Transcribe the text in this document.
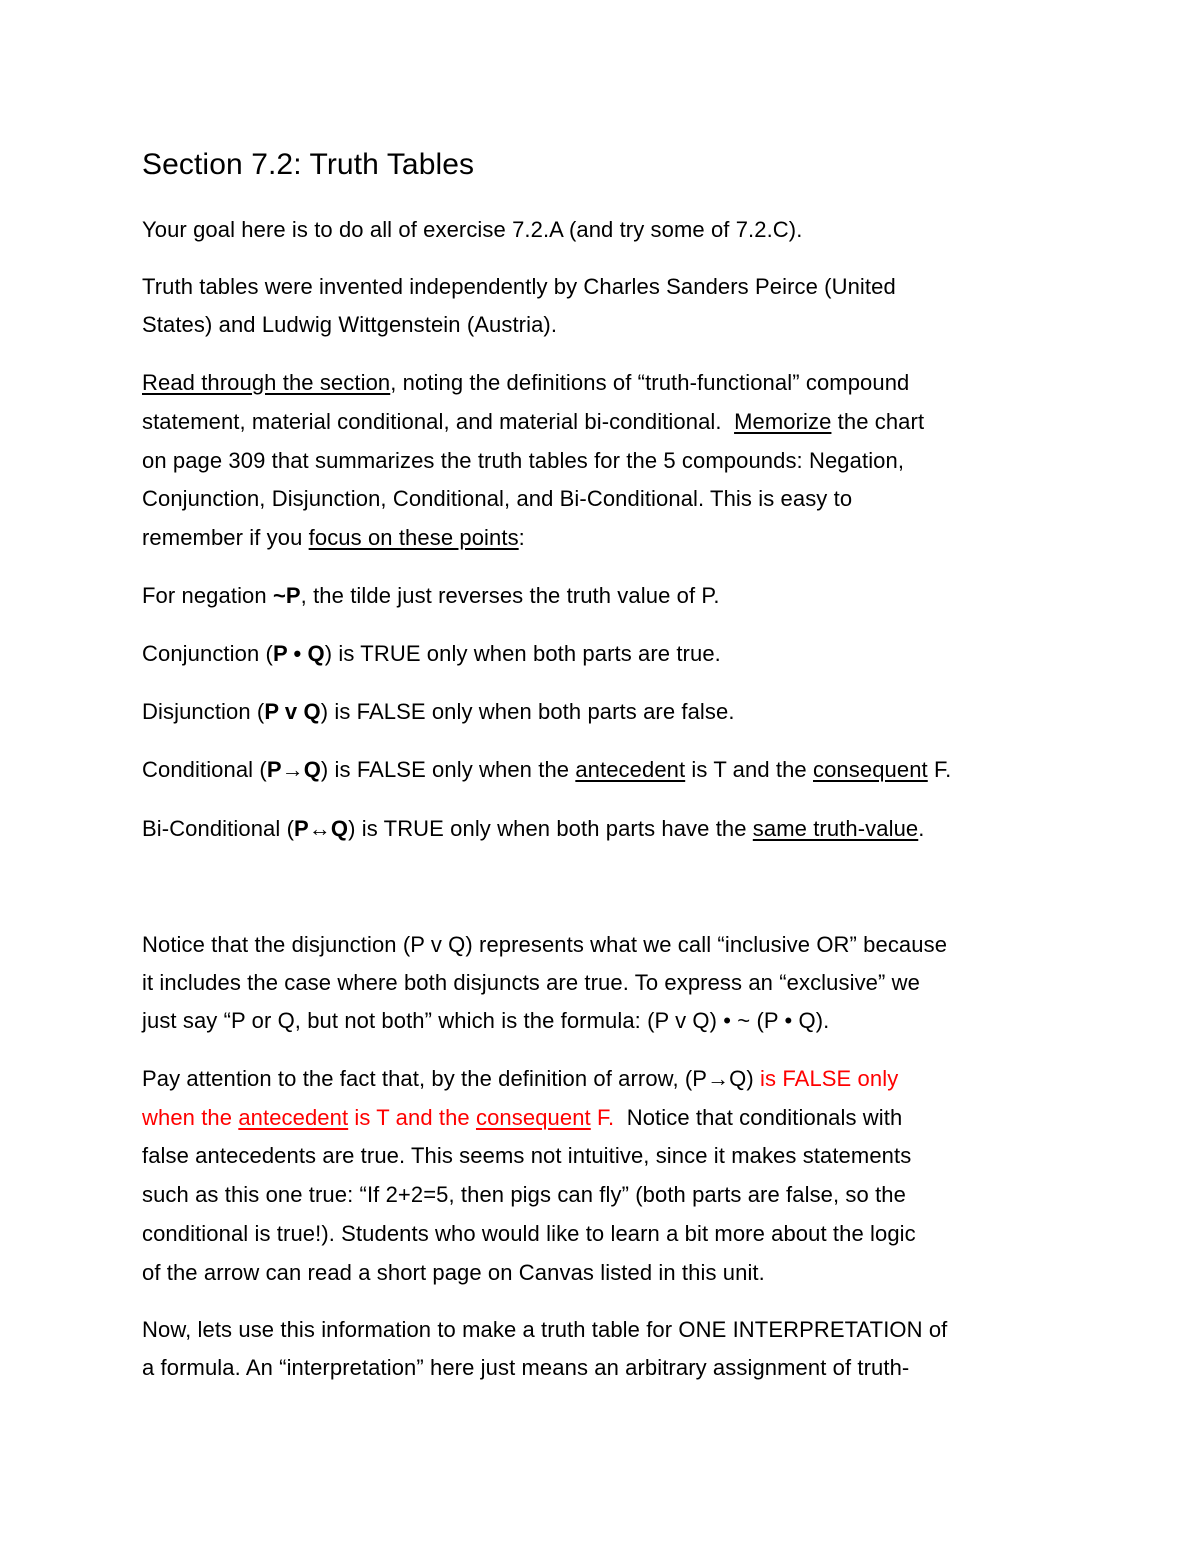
Section 7.2: Truth Tables
Your goal here is to do all of exercise 7.2.A (and try some of 7.2.C).
Truth tables were invented independently by Charles Sanders Peirce (United
States) and Ludwig Wittgenstein (Austria).
Read through the section, noting the definitions of “truth-functional” compound
statement, material conditional, and material bi-conditional.  Memorize the chart
on page 309 that summarizes the truth tables for the 5 compounds: Negation,
Conjunction, Disjunction, Conditional, and Bi-Conditional. This is easy to
remember if you focus on these points:
For negation ~P, the tilde just reverses the truth value of P.
Conjunction (P • Q) is TRUE only when both parts are true.
Disjunction (P v Q) is FALSE only when both parts are false.
Conditional (P→Q) is FALSE only when the antecedent is T and the consequent F.
Bi-Conditional (P↔Q) is TRUE only when both parts have the same truth-value.
Notice that the disjunction (P v Q) represents what we call “inclusive OR” because
it includes the case where both disjuncts are true. To express an “exclusive” we
just say “P or Q, but not both” which is the formula: (P v Q) • ~ (P • Q).
Pay attention to the fact that, by the definition of arrow, (P→Q) is FALSE only
when the antecedent is T and the consequent F.  Notice that conditionals with
false antecedents are true. This seems not intuitive, since it makes statements
such as this one true: “If 2+2=5, then pigs can fly” (both parts are false, so the
conditional is true!). Students who would like to learn a bit more about the logic
of the arrow can read a short page on Canvas listed in this unit.
Now, lets use this information to make a truth table for ONE INTERPRETATION of
a formula. An “interpretation” here just means an arbitrary assignment of truth-
